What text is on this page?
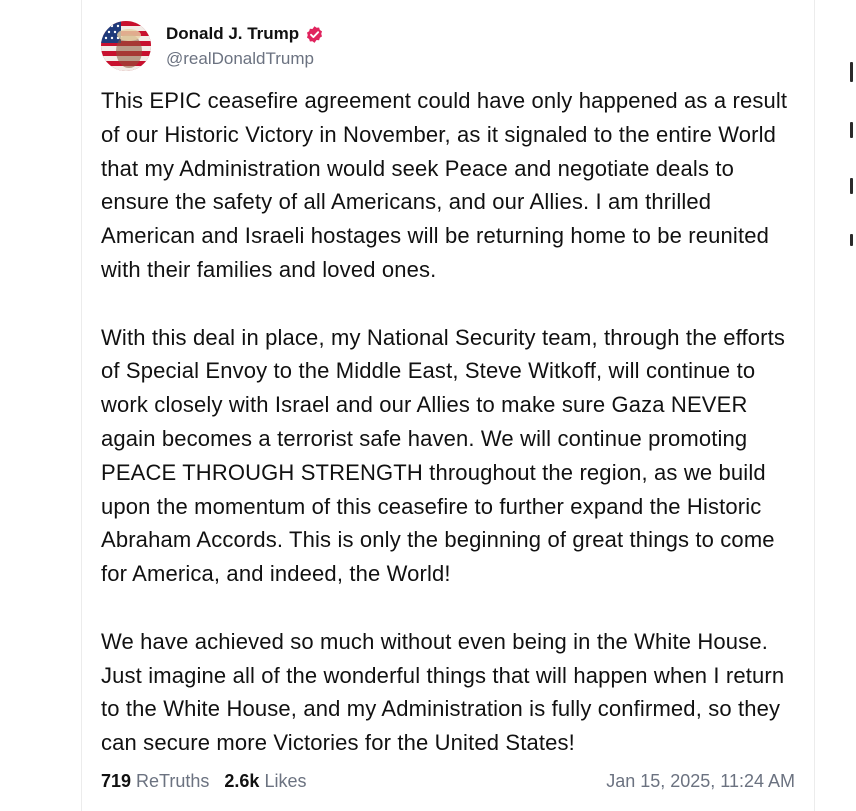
Donald J. Trump
@realDonaldTrump

This EPIC ceasefire agreement could have only happened as a result of our Historic Victory in November, as it signaled to the entire World that my Administration would seek Peace and negotiate deals to ensure the safety of all Americans, and our Allies. I am thrilled American and Israeli hostages will be returning home to be reunited with their families and loved ones.

With this deal in place, my National Security team, through the efforts of Special Envoy to the Middle East, Steve Witkoff, will continue to work closely with Israel and our Allies to make sure Gaza NEVER again becomes a terrorist safe haven. We will continue promoting PEACE THROUGH STRENGTH throughout the region, as we build upon the momentum of this ceasefire to further expand the Historic Abraham Accords. This is only the beginning of great things to come for America, and indeed, the World!

We have achieved so much without even being in the White House. Just imagine all of the wonderful things that will happen when I return to the White House, and my Administration is fully confirmed, so they can secure more Victories for the United States!

719 ReTruths 2.6k Likes	Jan 15, 2025, 11:24 AM
